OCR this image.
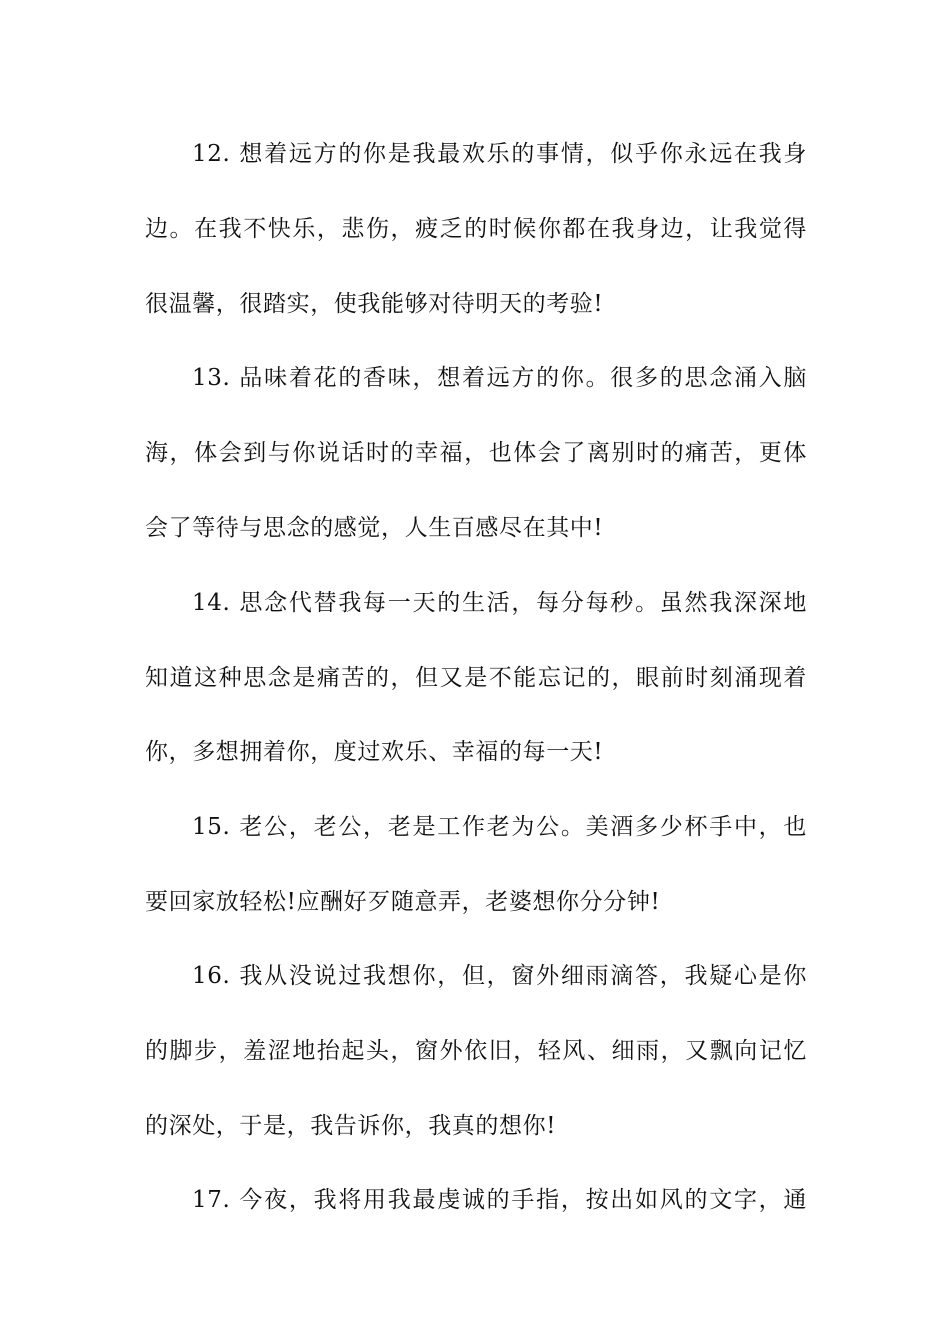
12. 想着远方的你是我最欢乐的事情，似乎你永远在我身
边。在我不快乐，悲伤，疲乏的时候你都在我身边，让我觉得
很温馨，很踏实，使我能够对待明天的考验!
13. 品味着花的香味，想着远方的你。很多的思念涌入脑
海，体会到与你说话时的幸福，也体会了离别时的痛苦，更体
会了等待与思念的感觉，人生百感尽在其中!
14. 思念代替我每一天的生活，每分每秒。虽然我深深地
知道这种思念是痛苦的，但又是不能忘记的，眼前时刻涌现着
你，多想拥着你，度过欢乐、幸福的每一天!
15. 老公，老公，老是工作老为公。美酒多少杯手中，也
要回家放轻松!应酬好歹随意弄，老婆想你分分钟!
16. 我从没说过我想你，但，窗外细雨滴答，我疑心是你
的脚步，羞涩地抬起头，窗外依旧，轻风、细雨，又飘向记忆
的深处，于是，我告诉你，我真的想你!
17. 今夜，我将用我最虔诚的手指，按出如风的文字，通
